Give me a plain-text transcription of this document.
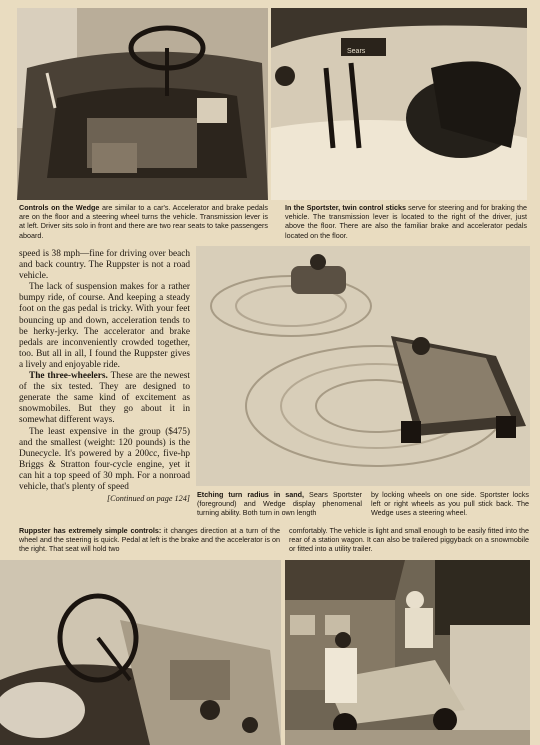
Controls on the Wedge are similar to a car's. Accelerator and brake pedals are on the floor and a steering wheel turns the vehicle. Transmission lever is at left. Driver sits solo in front and there are two rear seats to take passengers aboard.
Sears
In the Sportster, twin control sticks serve for steering and for braking the vehicle. The transmission lever is located to the right of the driver, just above the floor. There are also the familiar brake and accelerator pedals located on the floor.

speed is 38 mph—fine for driving over beach and back country. The Ruppster is not a road vehicle.

The lack of suspension makes for a rather bumpy ride, of course. And keeping a steady foot on the gas pedal is tricky. With your feet bouncing up and down, acceleration tends to be herky-jerky. The accelerator and brake pedals are inconveniently crowded together, too. But all in all, I found the Ruppster gives a lively and enjoyable ride.

The three-wheelers. These are the newest of the six tested. They are designed to generate the same kind of excitement as snowmobiles. But they go about it in somewhat different ways.

The least expensive in the group ($475) and the smallest (weight: 120 pounds) is the Dunecycle. It's powered by a 200cc, five-hp Briggs & Stratton four-cycle engine, yet it can hit a top speed of 30 mph. For a nonroad vehicle, that's plenty of speed

[Continued on page 124] Etching turn radius in sand, Sears Sportster (foreground) and Wedge display phenomenal turning ability. Both turn in own length
by locking wheels on one side. Sportster locks left or right wheels as you pull stick back. The Wedge uses a steering wheel.
Ruppster has extremely simple controls: it changes direction at a turn of the wheel and the steering is quick. Pedal at left is the brake and the accelerator is on the right. That seat will hold two
comfortably. The vehicle is light and small enough to be easily fitted into the rear of a station wagon. It can also be trailered piggyback on a snowmobile or fitted into a utility trailer.
